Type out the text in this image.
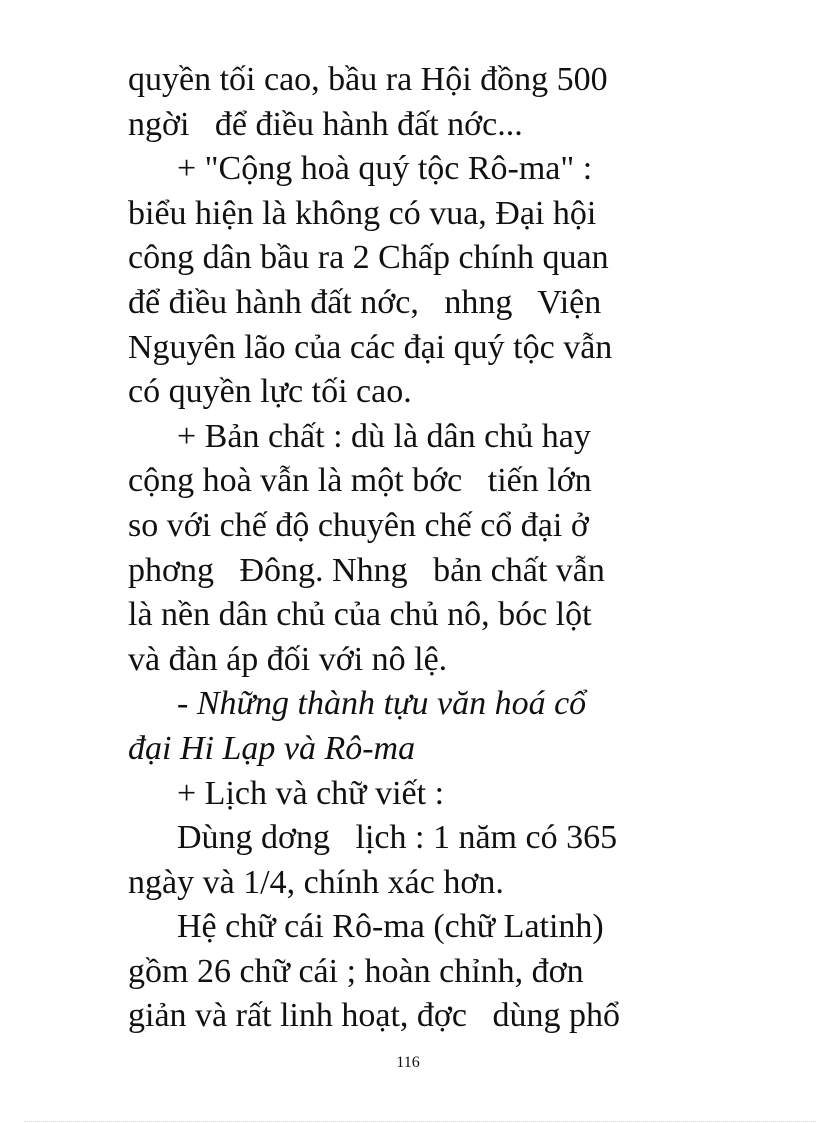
quyền tối cao, bầu ra Hội đồng 500
ngời   để điều hành đất nớc...
+ "Cộng hoà quý tộc Rô-ma" :
biểu hiện là không có vua, Đại hội
công dân bầu ra 2 Chấp chính quan
để điều hành đất nớc,   nhng   Viện
Nguyên lão của các đại quý tộc vẫn
có quyền lực tối cao.
+ Bản chất : dù là dân chủ hay
cộng hoà vẫn là một bớc   tiến lớn
so với chế độ chuyên chế cổ đại ở
phơng   Đông. Nhng   bản chất vẫn
là nền dân chủ của chủ nô, bóc lột
và đàn áp đối với nô lệ.
- Những thành tựu văn hoá cổ
đại Hi Lạp và Rô-ma
+ Lịch và chữ viết :
Dùng dơng   lịch : 1 năm có 365
ngày và 1/4, chính xác hơn.
Hệ chữ cái Rô-ma (chữ Latinh)
gồm 26 chữ cái ; hoàn chỉnh, đơn
giản và rất linh hoạt, đợc   dùng phổ
116
